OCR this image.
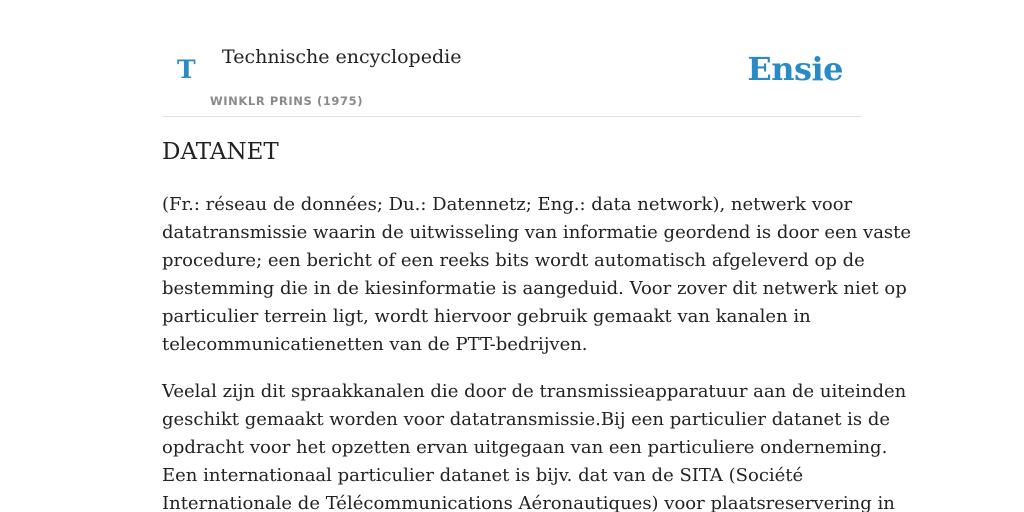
T Technische encyclopedie
WINKLR PRINS (1975)
Ensie
DATANET

(Fr.: réseau de données; Du.: Datennetz; Eng.: data network), netwerk voor
datatransmissie waarin de uitwisseling van informatie geordend is door een vaste
procedure; een bericht of een reeks bits wordt automatisch afgeleverd op de
bestemming die in de kiesinformatie is aangeduid. Voor zover dit netwerk niet op
particulier terrein ligt, wordt hiervoor gebruik gemaakt van kanalen in
telecommunicatienetten van de PTT-bedrijven.

Veelal zijn dit spraakkanalen die door de transmissieapparatuur aan de uiteinden
geschikt gemaakt worden voor datatransmissie.Bij een particulier datanet is de
opdracht voor het opzetten ervan uitgegaan van een particuliere onderneming.
Een internationaal particulier datanet is bijv. dat van de SITA (Société
Internationale de Télécommunications Aéronautiques) voor plaatsreservering in
